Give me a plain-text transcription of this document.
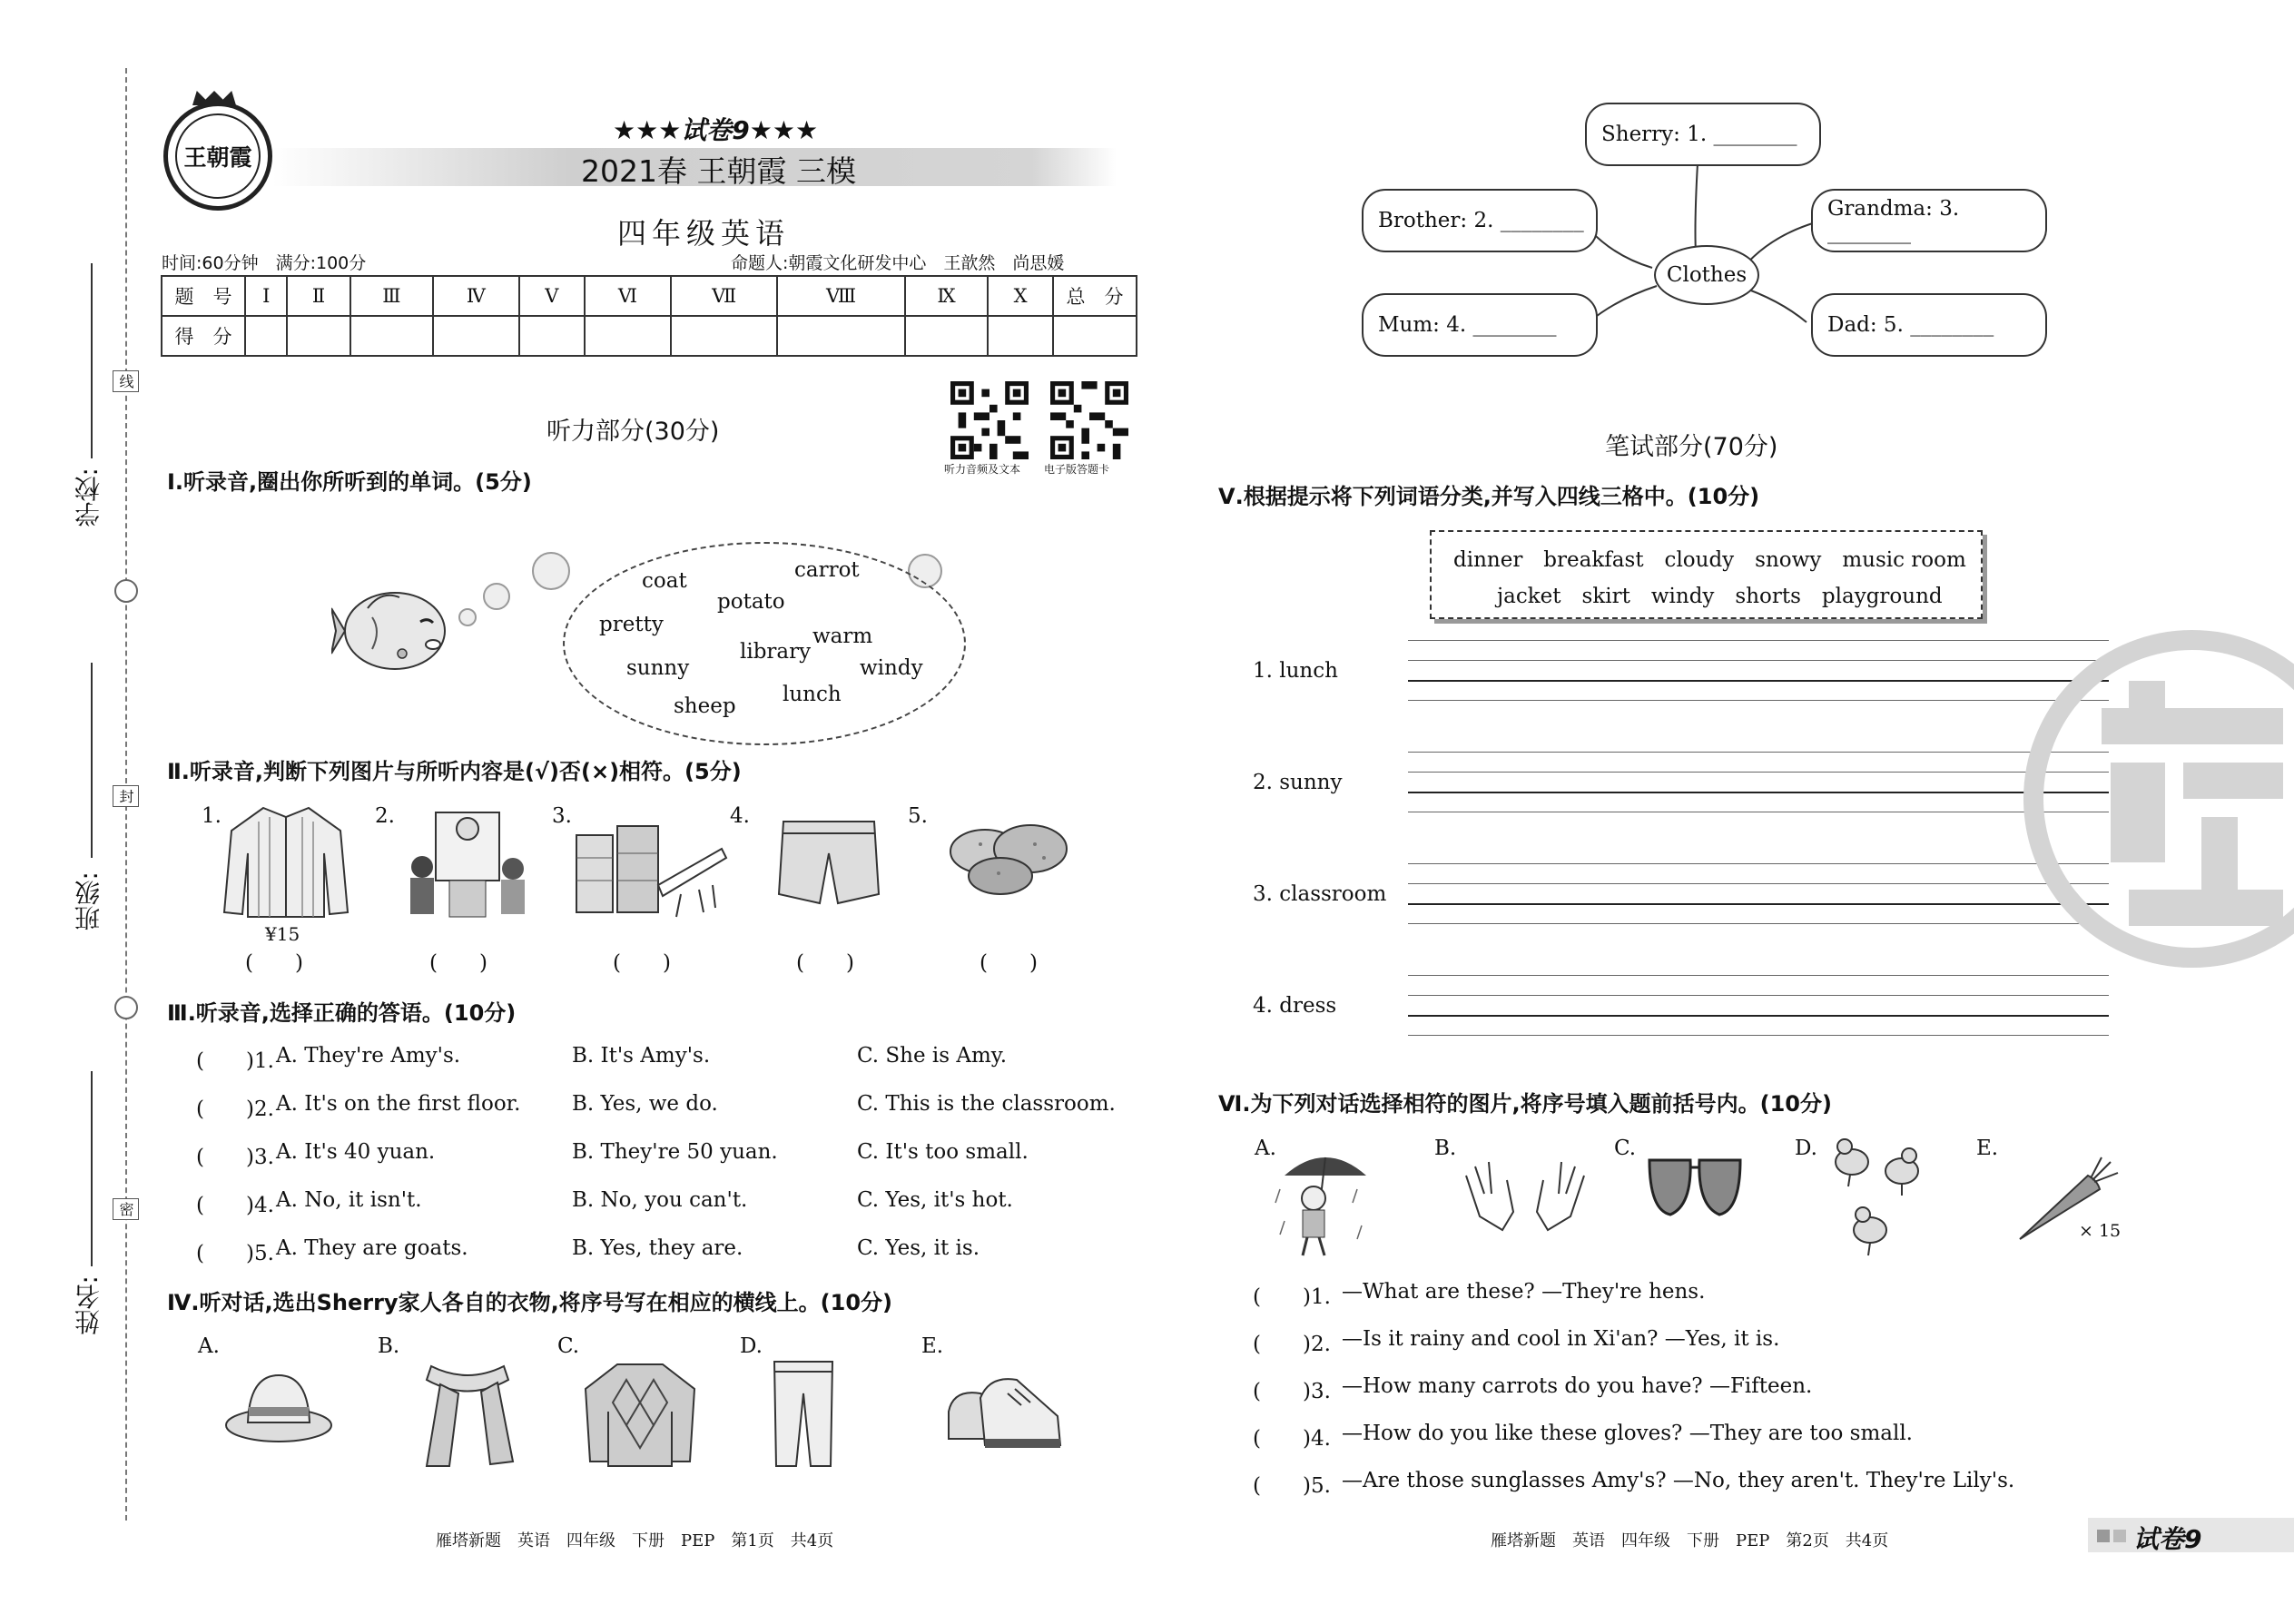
线
封
密
学校:
班级:
姓名:
王朝霞
★★★试卷9★★★
2021春 王朝霞 三模
四年级英语
时间:60分钟　满分:100分	命题人:朝霞文化研发中心　王歆然　尚思媛
题　号	Ⅰ	Ⅱ	Ⅲ	Ⅳ	Ⅴ	Ⅵ	Ⅶ	Ⅷ	Ⅸ	Ⅹ	总　分
得　分											
听力音频及文本 电子版答题卡
听力部分(30分)
Ⅰ.听录音,圈出你所听到的单词。(5分)
coat	carrot
potato
pretty
library
warm
sunny	windy
sheep lunch
Ⅱ.听录音,判断下列图片与所听内容是(√)否(×)相符。(5分)
1.	2.	3.	4.	5.
¥15
(　　)	(　　)	(　　)	(　　)	(　　)
Ⅲ.听录音,选择正确的答语。(10分)
(　　)1. A. They're Amy's.	B. It's Amy's.	C. She is Amy.
(　　)2. A. It's on the first floor. B. Yes, we do.	C. This is the classroom.
(　　)3. A. It's 40 yuan.	B. They're 50 yuan.	C. It's too small.
(　　)4. A. No, it isn't.	B. No, you can't.	C. Yes, it's hot.
(　　)5. A. They are goats.	B. Yes, they are.	C. Yes, it is.
Ⅳ.听对话,选出Sherry家人各自的衣物,将序号写在相应的横线上。(10分)
A.	B.	C.	D.	E.
Sherry: 1. ________
Brother: 2. ________	Grandma: 3. ________
Mum: 4. ________	Dad: 5. ________
Clothes
笔试部分(70分)
Ⅴ.根据提示将下列词语分类,并写入四线三格中。(10分)
dinner　breakfast　cloudy　snowy　music room
jacket　skirt　windy　shorts　playground
1. lunch
2. sunny
3. classroom
4. dress
Ⅵ.为下列对话选择相符的图片,将序号填入题前括号内。(10分)
A.	B.	C.	D.	E.
× 15
(　　)1. —What are these? —They're hens.
(　　)2. —Is it rainy and cool in Xi'an? —Yes, it is.
(　　)3. —How many carrots do you have? —Fifteen.
(　　)4. —How do you like these gloves? —They are too small.
(　　)5. —Are those sunglasses Amy's? —No, they aren't. They're Lily's.
雁塔新题　英语　四年级　下册　PEP　第1页　共4页	雁塔新题　英语　四年级　下册　PEP　第2页　共4页	试卷9
